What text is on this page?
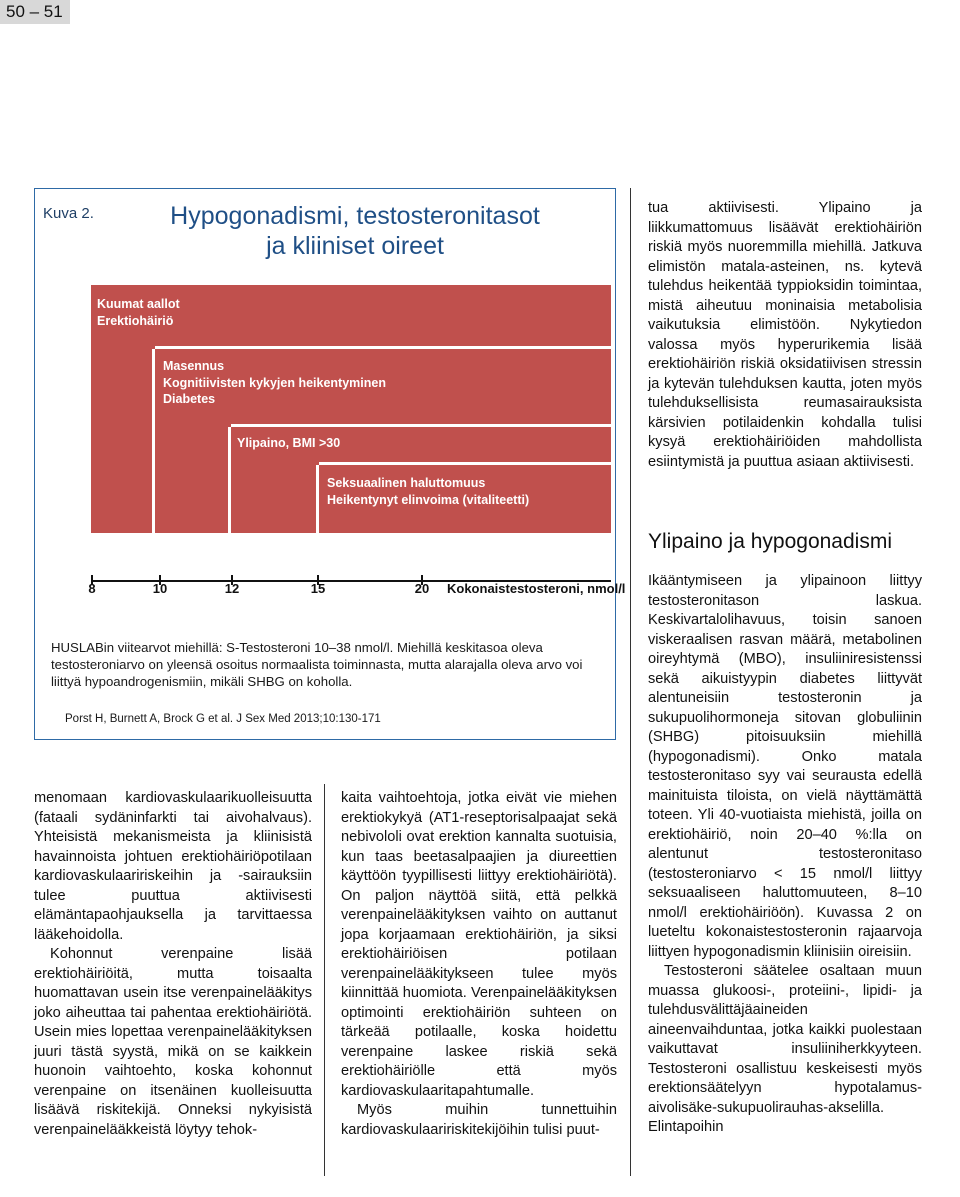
50 – 51
Kuva 2.	Hypogonadismi, testosteronitasot
ja kliiniset oireet
Kuumat aallot
Erektiohäiriö
Masennus
Kognitiivisten kykyjen heikentyminen
Diabetes
Ylipaino, BMI >30
Seksuaalinen haluttomuus
Heikentynyt elinvoima (vitaliteetti)
8	10	12	15	20 Kokonaistestosteroni, nmol/l
HUSLABin viitearvot miehillä: S-Testosteroni 10–38 nmol/l. Miehillä keskitasoa oleva testosteroniarvo on yleensä osoitus normaalista toiminnasta, mutta alarajalla oleva arvo voi liittyä hypoandrogenismiin, mikäli SHBG on koholla.
Porst H, Burnett A, Brock G et al. J Sex Med 2013;10:130-171

menomaan kardiovaskulaarikuolleisuutta (fataali sydäninfarkti tai aivohalvaus). Yhteisistä mekanismeista ja kliinisistä havainnoista johtuen erektiohäiriöpotilaan kardiovaskulaaririskeihin ja -sairauksiin tulee puuttua aktiivisesti elämäntapaohjauksella ja tarvittaessa lääkehoidolla.

Kohonnut verenpaine lisää erektiohäiriöitä, mutta toisaalta huomattavan usein itse verenpainelääkitys joko aiheuttaa tai pahentaa erektiohäiriötä. Usein mies lopettaa verenpainelääkityksen juuri tästä syystä, mikä on se kaikkein huonoin vaihtoehto, koska kohonnut verenpaine on itsenäinen kuolleisuutta lisäävä riskitekijä. Onneksi nykyisistä verenpainelääkkeistä löytyy tehok-

kaita vaihtoehtoja, jotka eivät vie miehen erektiokykyä (AT1-reseptorisalpaajat sekä nebivololi ovat erektion kannalta suotuisia, kun taas beetasalpaajien ja diureettien käyttöön tyypillisesti liittyy erektiohäiriötä). On paljon näyttöä siitä, että pelkkä verenpainelääkityksen vaihto on auttanut jopa korjaamaan erektiohäiriön, ja siksi erektiohäiriöisen potilaan verenpainelääkitykseen tulee myös kiinnittää huomiota. Verenpainelääkityksen optimointi erektiohäiriön suhteen on tärkeää potilaalle, koska hoidettu verenpaine laskee riskiä sekä erektiohäiriölle että myös kardiovaskulaaritapahtumalle.

Myös muihin tunnettuihin kardiovaskulaaririskitekijöihin tulisi puut-

tua aktiivisesti. Ylipaino ja liikkumattomuus lisäävät erektiohäiriön riskiä myös nuoremmilla miehillä. Jatkuva elimistön matala-asteinen, ns. kytevä tulehdus heikentää typpioksidin toimintaa, mistä aiheutuu moninaisia metabolisia vaikutuksia elimistöön. Nykytiedon valossa myös hyperurikemia lisää erektiohäiriön riskiä oksidatiivisen stressin ja kytevän tulehduksen kautta, joten myös tulehduksellisista reumasairauksista kärsivien potilaidenkin kohdalla tulisi kysyä erektiohäiriöiden mahdollista esiintymistä ja puuttua asiaan aktiivisesti.

Ylipaino ja hypogonadismi

Ikääntymiseen ja ylipainoon liittyy testosteronitason laskua. Keskivartalolihavuus, toisin sanoen viskeraalisen rasvan määrä, metabolinen oireyhtymä (MBO), insuliiniresistenssi sekä aikuistyypin diabetes liittyvät alentuneisiin testosteronin ja sukupuolihormoneja sitovan globuliinin (SHBG) pitoisuuksiin miehillä (hypogonadismi). Onko matala testosteronitaso syy vai seurausta edellä mainituista tiloista, on vielä näyttämättä toteen. Yli 40-vuotiaista miehistä, joilla on erektiohäiriö, noin 20–40 %:lla on alentunut testosteronitaso (testosteroniarvo < 15 nmol/l liittyy seksuaaliseen haluttomuuteen, 8–10 nmol/l erektiohäiriöön). Kuvassa 2 on lueteltu kokonaistestosteronin rajaarvoja liittyen hypogonadismin kliinisiin oireisiin.

Testosteroni säätelee osaltaan muun muassa glukoosi-, proteiini-, lipidi- ja tulehdusvälittäjäaineiden aineenvaihduntaa, jotka kaikki puolestaan vaikuttavat insuliiniherkkyyteen. Testosteroni osallistuu keskeisesti myös erektionsäätelyyn hypotalamus-aivolisäke-sukupuolirauhas-akselilla. Elintapoihin
